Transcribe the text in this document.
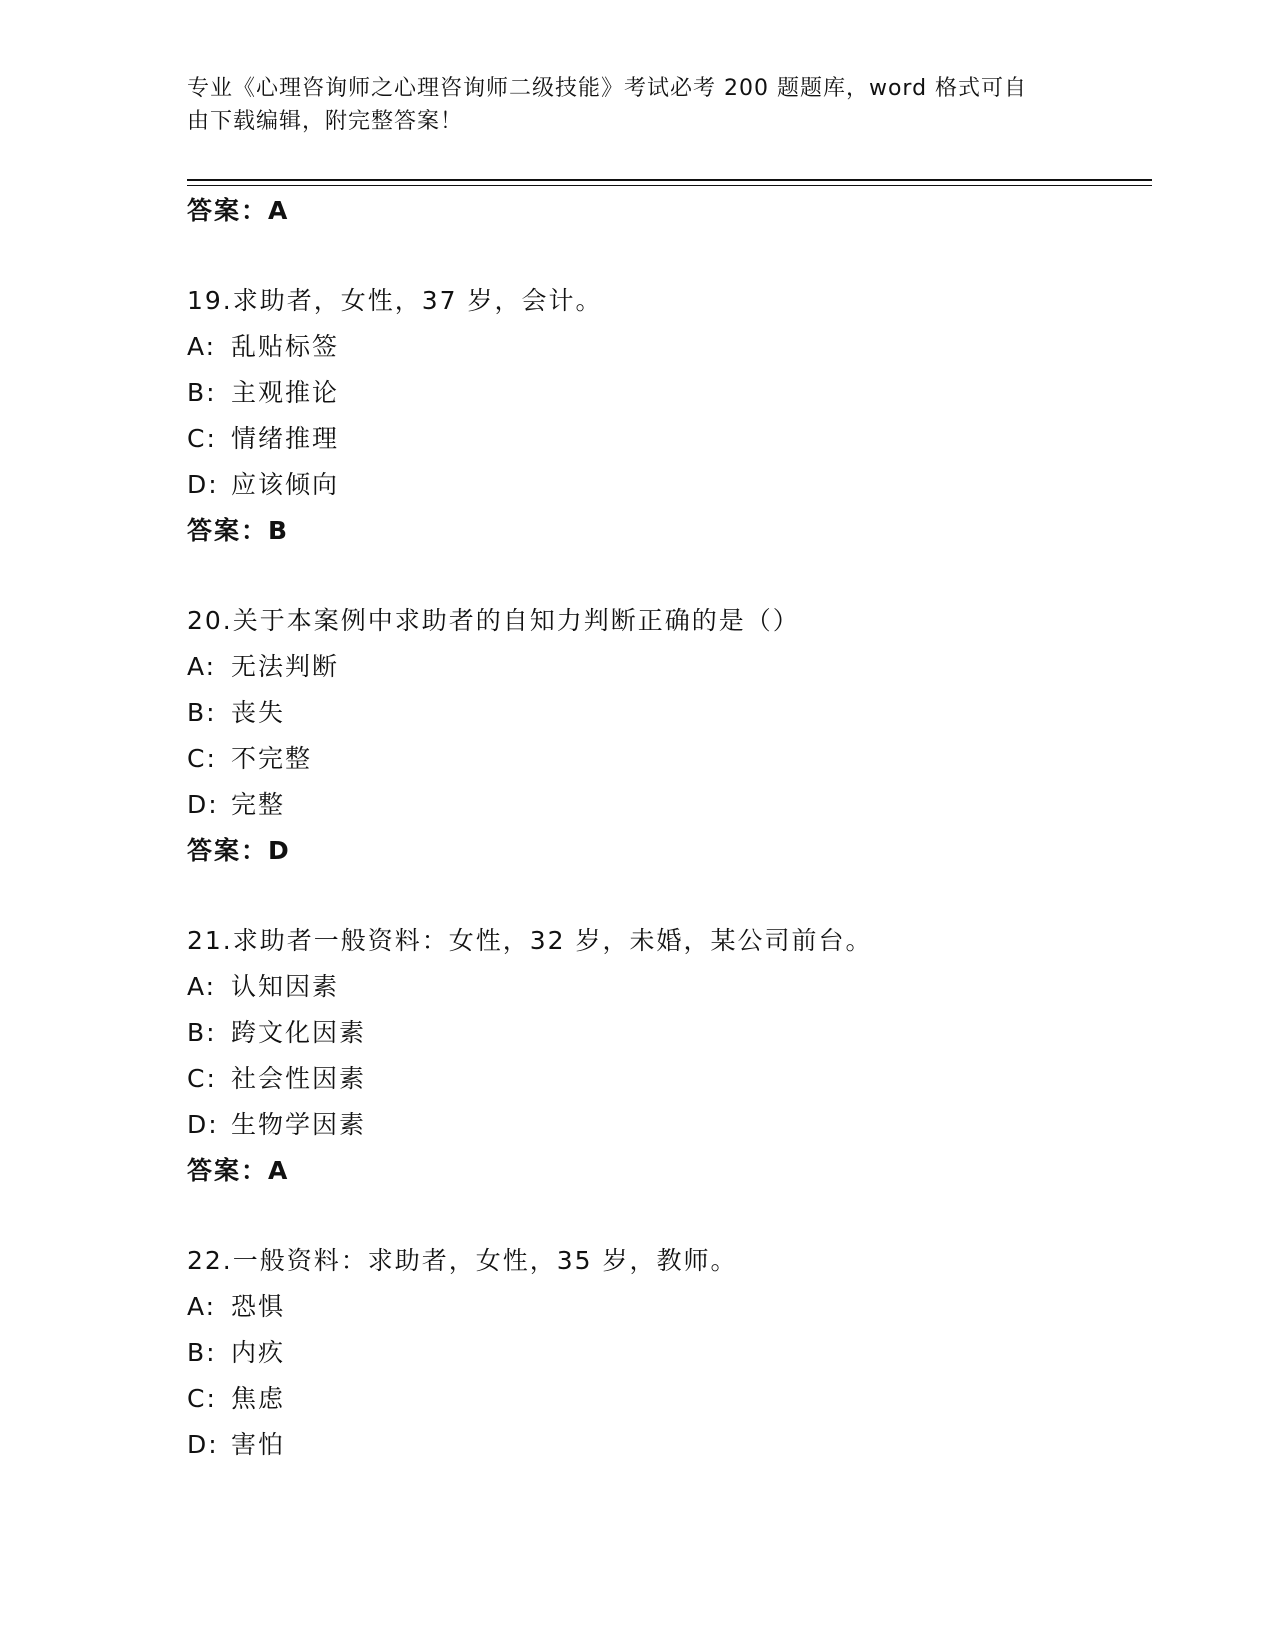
专业《心理咨询师之心理咨询师二级技能》考试必考 200 题题库，word 格式可自
由下载编辑，附完整答案！
答案：A
19.求助者，女性，37 岁，会计。
A: 乱贴标签
B: 主观推论
C: 情绪推理
D: 应该倾向
答案：B
20.关于本案例中求助者的自知力判断正确的是（）
A: 无法判断
B: 丧失
C: 不完整
D: 完整
答案：D
21.求助者一般资料：女性，32 岁，未婚，某公司前台。
A: 认知因素
B: 跨文化因素
C: 社会性因素
D: 生物学因素
答案：A
22.一般资料：求助者，女性，35 岁，教师。
A: 恐惧
B: 内疚
C: 焦虑
D: 害怕
